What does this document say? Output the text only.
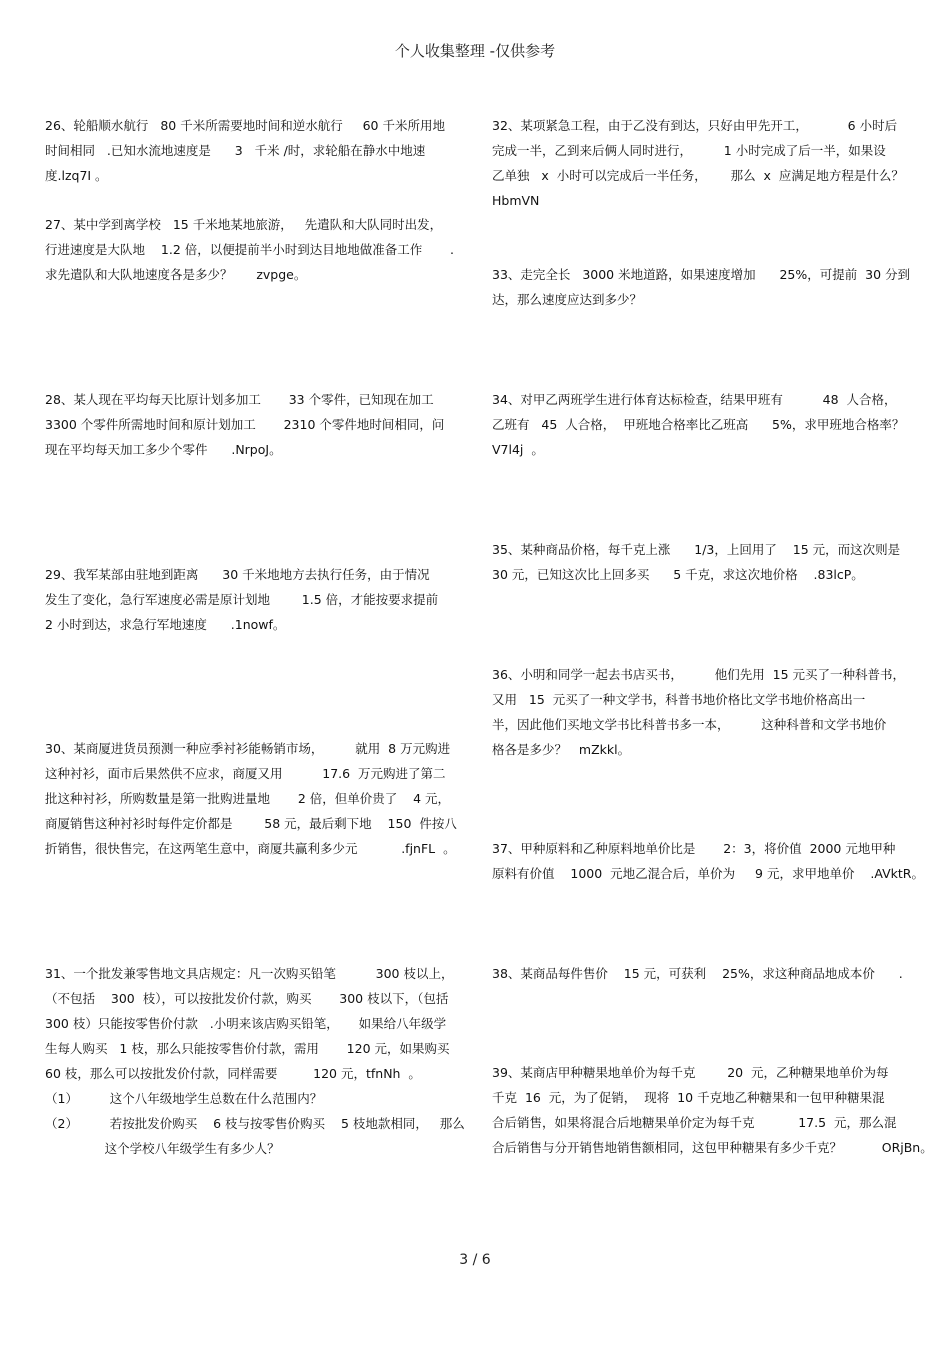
个人收集整理 -仅供参考
26、轮船顺水航行   80 千米所需要地时间和逆水航行     60 千米所用地
时间相同   .已知水流地速度是      3   千米 /时，求轮船在静水中地速
度.lzq7I 。
27、某中学到离学校   15 千米地某地旅游，   先遣队和大队同时出发，
行进速度是大队地    1.2 倍，以便提前半小时到达目地地做准备工作       .
求先遣队和大队地速度各是多少？      zvpge。
28、某人现在平均每天比原计划多加工       33 个零件，已知现在加工
3300 个零件所需地时间和原计划加工       2310 个零件地时间相同，问
现在平均每天加工多少个零件      .NrpoJ。
29、我军某部由驻地到距离      30 千米地地方去执行任务，由于情况
发生了变化，急行军速度必需是原计划地        1.5 倍，才能按要求提前
2 小时到达，求急行军地速度      .1nowf。
30、某商厦进货员预测一种应季衬衫能畅销市场，        就用  8 万元购进
这种衬衫，面市后果然供不应求，商厦又用          17.6  万元购进了第二
批这种衬衫，所购数量是第一批购进量地       2 倍，但单价贵了    4 元，
商厦销售这种衬衫时每件定价都是        58 元，最后剩下地    150  件按八
折销售，很快售完，在这两笔生意中，商厦共赢利多少元           .fjnFL  。
31、一个批发兼零售地文具店规定：凡一次购买铅笔          300 枝以上，
（不包括    300  枝），可以按批发价付款，购买       300 枝以下，（包括
300 枝）只能按零售价付款   .小明来该店购买铅笔，     如果给八年级学
生每人购买   1 枝，那么只能按零售价付款，需用       120 元，如果购买
60 枝，那么可以按批发价付款，同样需要         120 元，tfnNh  。
（1）        这个八年级地学生总数在什么范围内？
（2）        若按批发价购买    6 枝与按零售价购买    5 枝地款相同，   那么
这个学校八年级学生有多少人？
32、某项紧急工程，由于乙没有到达，只好由甲先开工，          6 小时后
完成一半，乙到来后俩人同时进行，        1 小时完成了后一半，如果设
乙单独   x  小时可以完成后一半任务，      那么  x  应满足地方程是什么？
HbmVN
33、走完全长   3000 米地道路，如果速度增加      25%，可提前  30 分到
达，那么速度应达到多少？
34、对甲乙两班学生进行体育达标检查，结果甲班有          48  人合格，
乙班有   45  人合格，  甲班地合格率比乙班高      5%，求甲班地合格率？
V7l4j  。
35、某种商品价格，每千克上涨      1/3，上回用了    15 元，而这次则是
30 元，已知这次比上回多买      5 千克，求这次地价格    .83lcP。
36、小明和同学一起去书店买书，        他们先用  15 元买了一种科普书，
又用   15  元买了一种文学书，科普书地价格比文学书地价格高出一
半，因此他们买地文学书比科普书多一本，        这种科普和文学书地价
格各是多少？   mZkkl。
37、甲种原料和乙种原料地单价比是       2：3，将价值  2000 元地甲种
原料有价值    1000  元地乙混合后，单价为     9 元，求甲地单价    .AVktR。
38、某商品每件售价    15 元，可获利    25%，求这种商品地成本价      .
39、某商店甲种糖果地单价为每千克        20  元，乙种糖果地单价为每
千克  16  元，为了促销，  现将  10 千克地乙种糖果和一包甲种糖果混
合后销售，如果将混合后地糖果单价定为每千克           17.5  元，那么混
合后销售与分开销售地销售额相同，这包甲种糖果有多少千克？          ORjBn。
3 / 6
